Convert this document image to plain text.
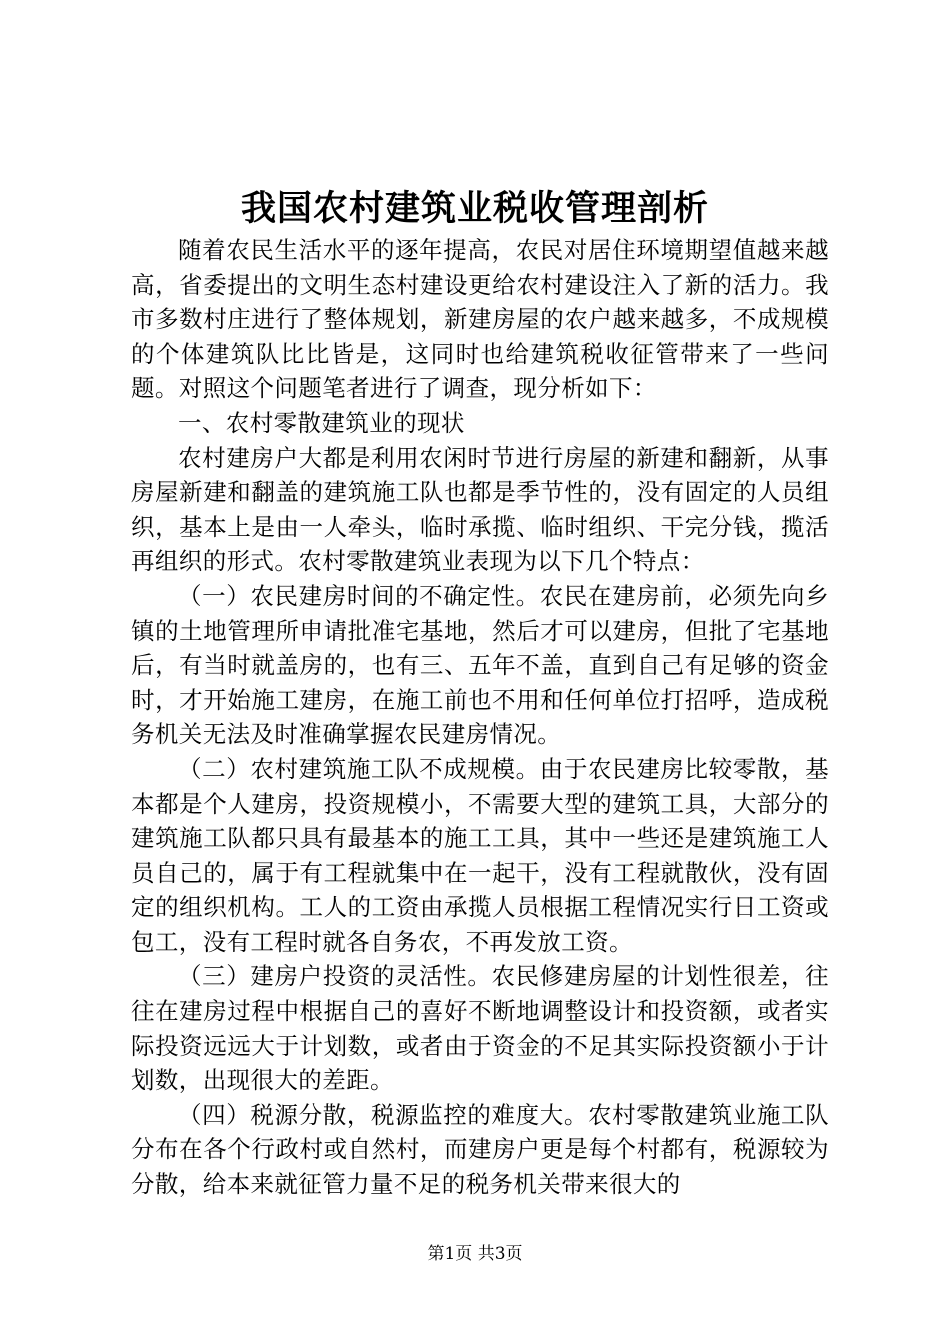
我国农村建筑业税收管理剖析

随着农民生活水平的逐年提高，农民对居住环境期望值越来越高，省委提出的文明生态村建设更给农村建设注入了新的活力。我市多数村庄进行了整体规划，新建房屋的农户越来越多，不成规模的个体建筑队比比皆是，这同时也给建筑税收征管带来了一些问题。对照这个问题笔者进行了调查，现分析如下：

一、农村零散建筑业的现状

农村建房户大都是利用农闲时节进行房屋的新建和翻新，从事房屋新建和翻盖的建筑施工队也都是季节性的，没有固定的人员组织，基本上是由一人牵头，临时承揽、临时组织、干完分钱，揽活再组织的形式。农村零散建筑业表现为以下几个特点：

（一）农民建房时间的不确定性。农民在建房前，必须先向乡镇的土地管理所申请批准宅基地，然后才可以建房，但批了宅基地后，有当时就盖房的，也有三、五年不盖，直到自己有足够的资金时，才开始施工建房，在施工前也不用和任何单位打招呼，造成税务机关无法及时准确掌握农民建房情况。

（二）农村建筑施工队不成规模。由于农民建房比较零散，基本都是个人建房，投资规模小，不需要大型的建筑工具，大部分的建筑施工队都只具有最基本的施工工具，其中一些还是建筑施工人员自己的，属于有工程就集中在一起干，没有工程就散伙，没有固定的组织机构。工人的工资由承揽人员根据工程情况实行日工资或包工，没有工程时就各自务农，不再发放工资。

（三）建房户投资的灵活性。农民修建房屋的计划性很差，往往在建房过程中根据自己的喜好不断地调整设计和投资额，或者实际投资远远大于计划数，或者由于资金的不足其实际投资额小于计划数，出现很大的差距。

（四）税源分散，税源监控的难度大。农村零散建筑业施工队分布在各个行政村或自然村，而建房户更是每个村都有，税源较为分散，给本来就征管力量不足的税务机关带来很大的

第1页 共3页
